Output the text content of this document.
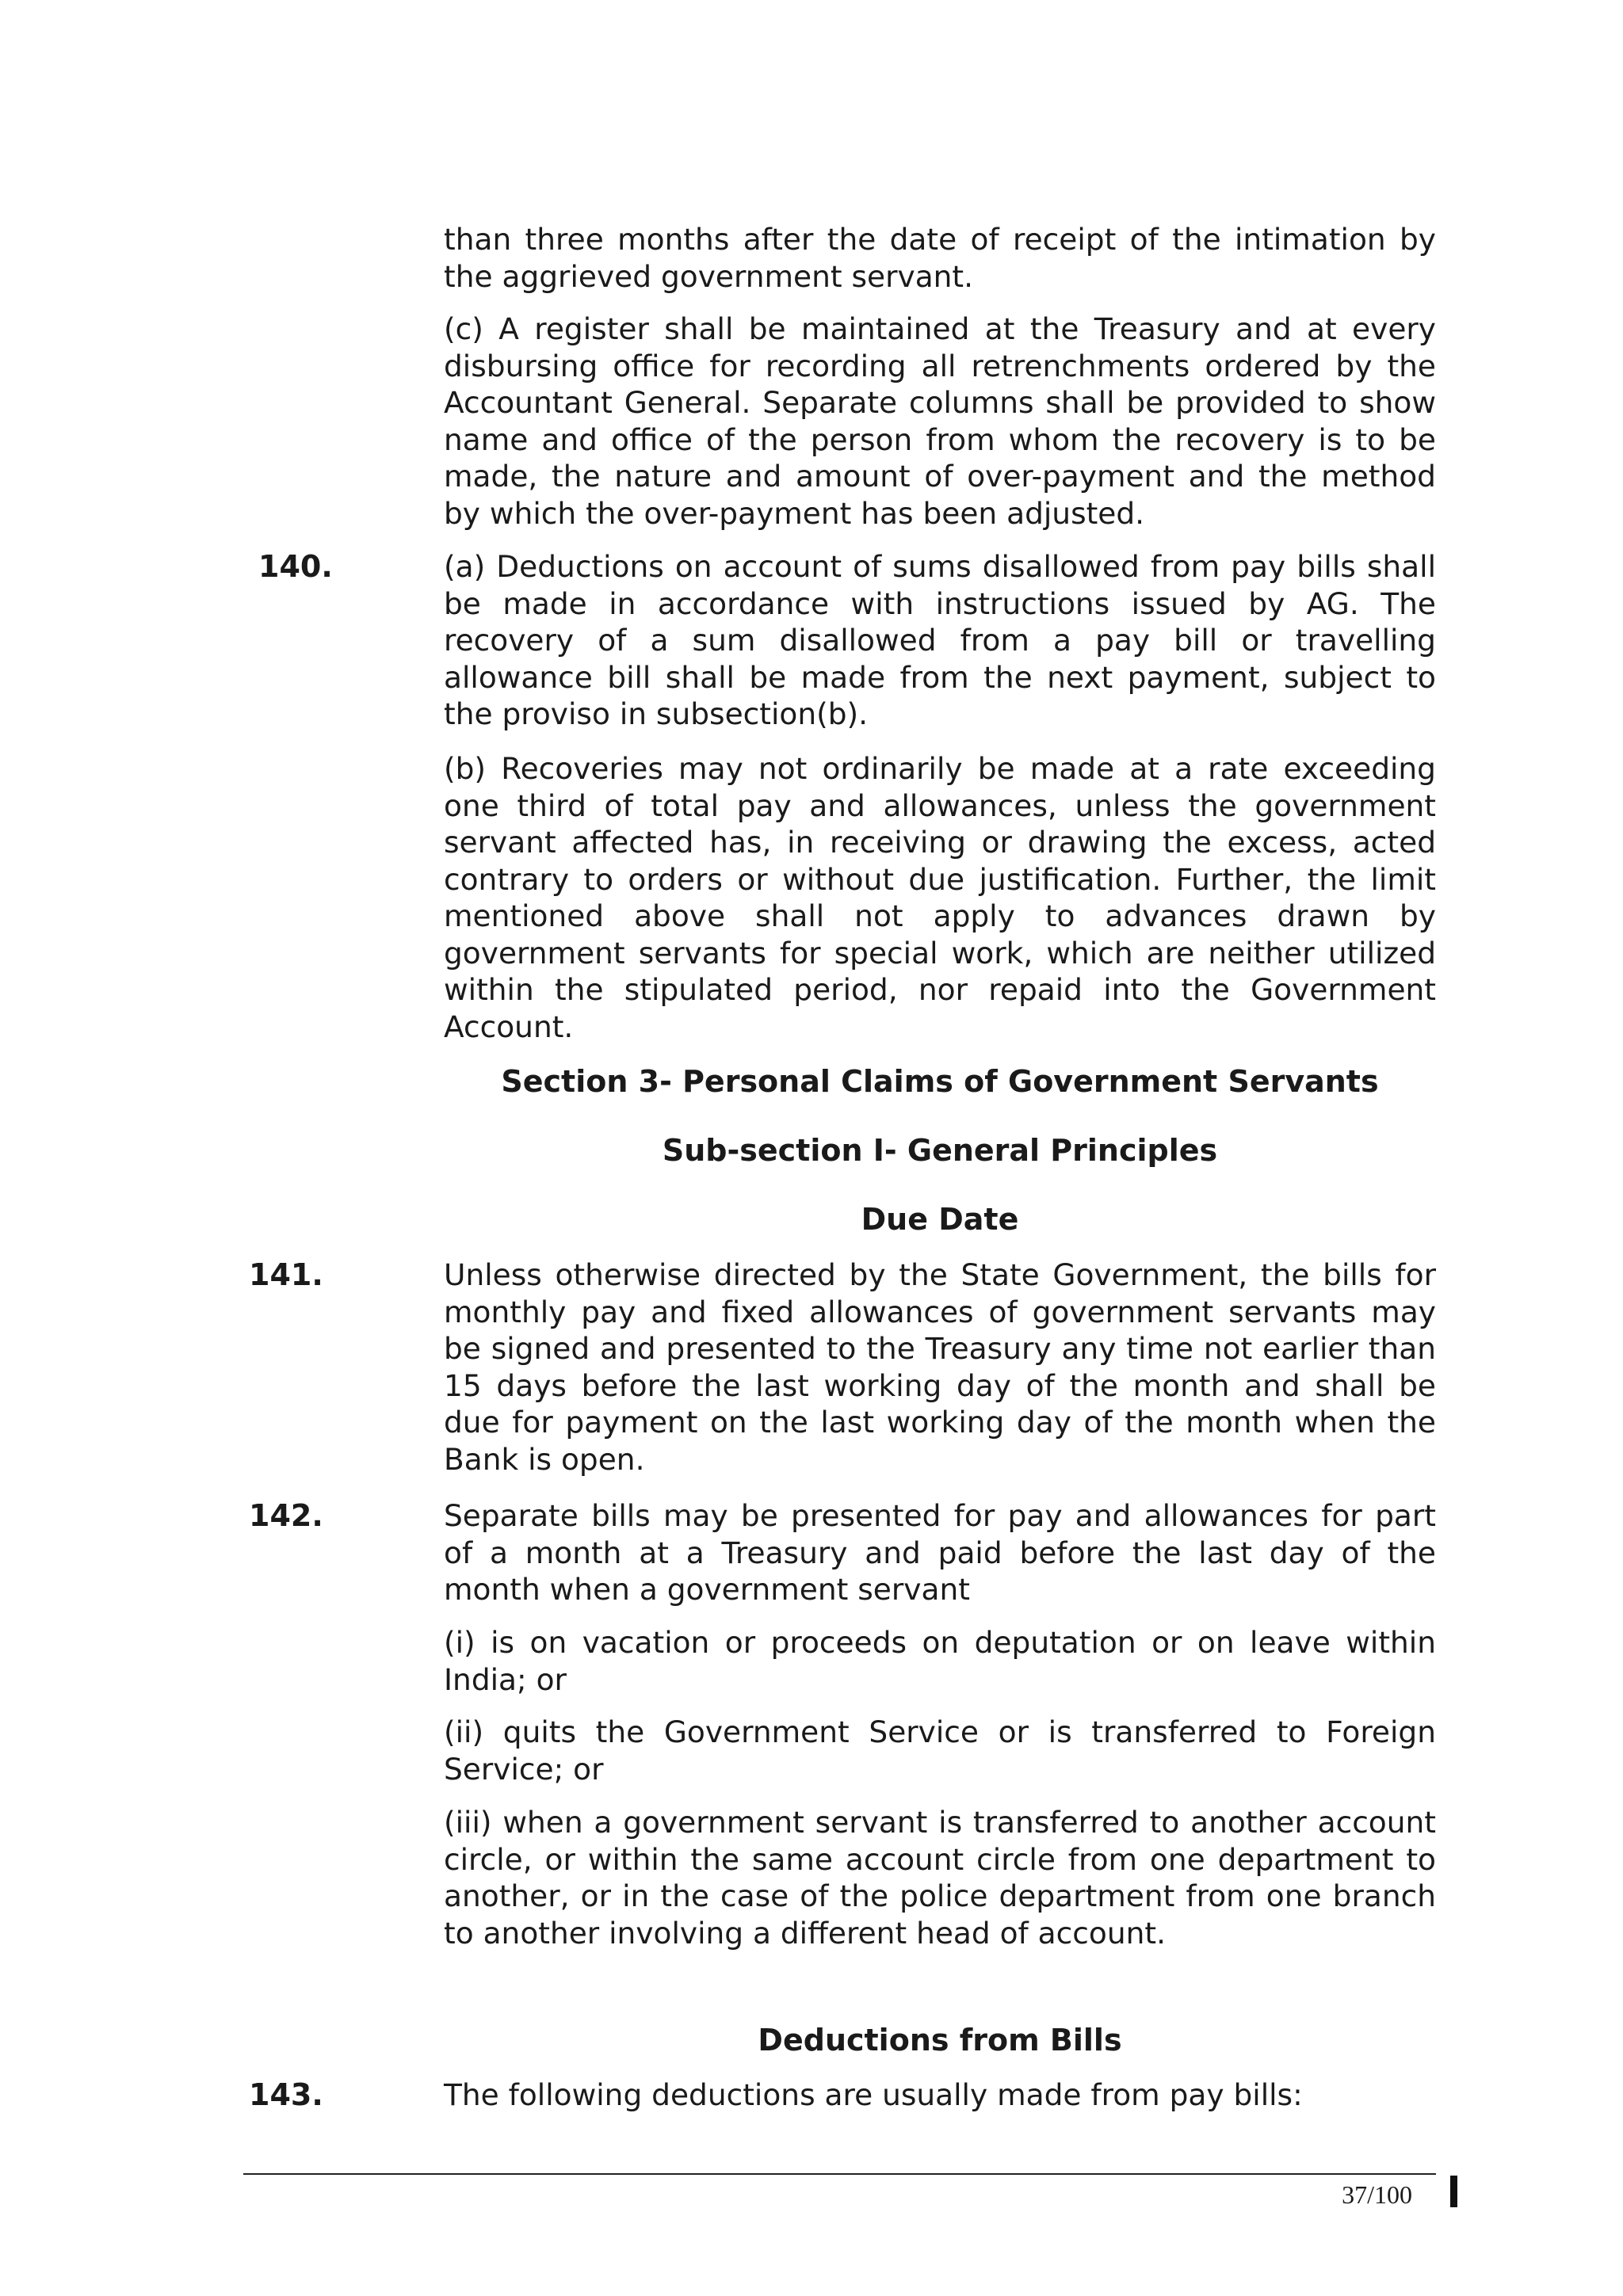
than three months after the date of receipt of the intimation by the aggrieved government servant.

(c) A register shall be maintained at the Treasury and at every disbursing office for recording all retrenchments ordered by the Accountant General. Separate columns shall be provided to show name and office of the person from whom the recovery is to be made, the nature and amount of over-payment and the method by which the over-payment has been adjusted.

140.	(a) Deductions on account of sums disallowed from pay bills shall be made in accordance with instructions issued by AG. The recovery of a sum disallowed from a pay bill or travelling allowance bill shall be made from the next payment, subject to the proviso in subsection(b).

(b) Recoveries may not ordinarily be made at a rate exceeding one third of total pay and allowances, unless the government servant affected has, in receiving or drawing the excess, acted contrary to orders or without due justification. Further, the limit mentioned above shall not apply to advances drawn by government servants for special work, which are neither utilized within the stipulated period, nor repaid into the Government Account.

Section 3- Personal Claims of Government Servants
Sub-section I- General Principles
Due Date

141.	Unless otherwise directed by the State Government, the bills for monthly pay and fixed allowances of government servants may be signed and presented to the Treasury any time not earlier than 15 days before the last working day of the month and shall be due for payment on the last working day of the month when the Bank is open.

142.	Separate bills may be presented for pay and allowances for part of a month at a Treasury and paid before the last day of the month when a government servant

(i) is on vacation or proceeds on deputation or on leave within India; or

(ii) quits the Government Service or is transferred to Foreign Service; or

(iii) when a government servant is transferred to another account circle, or within the same account circle from one department to another, or in the case of the police department from one branch to another involving a different head of account.

Deductions from Bills

143.	The following deductions are usually made from pay bills:

37/100
